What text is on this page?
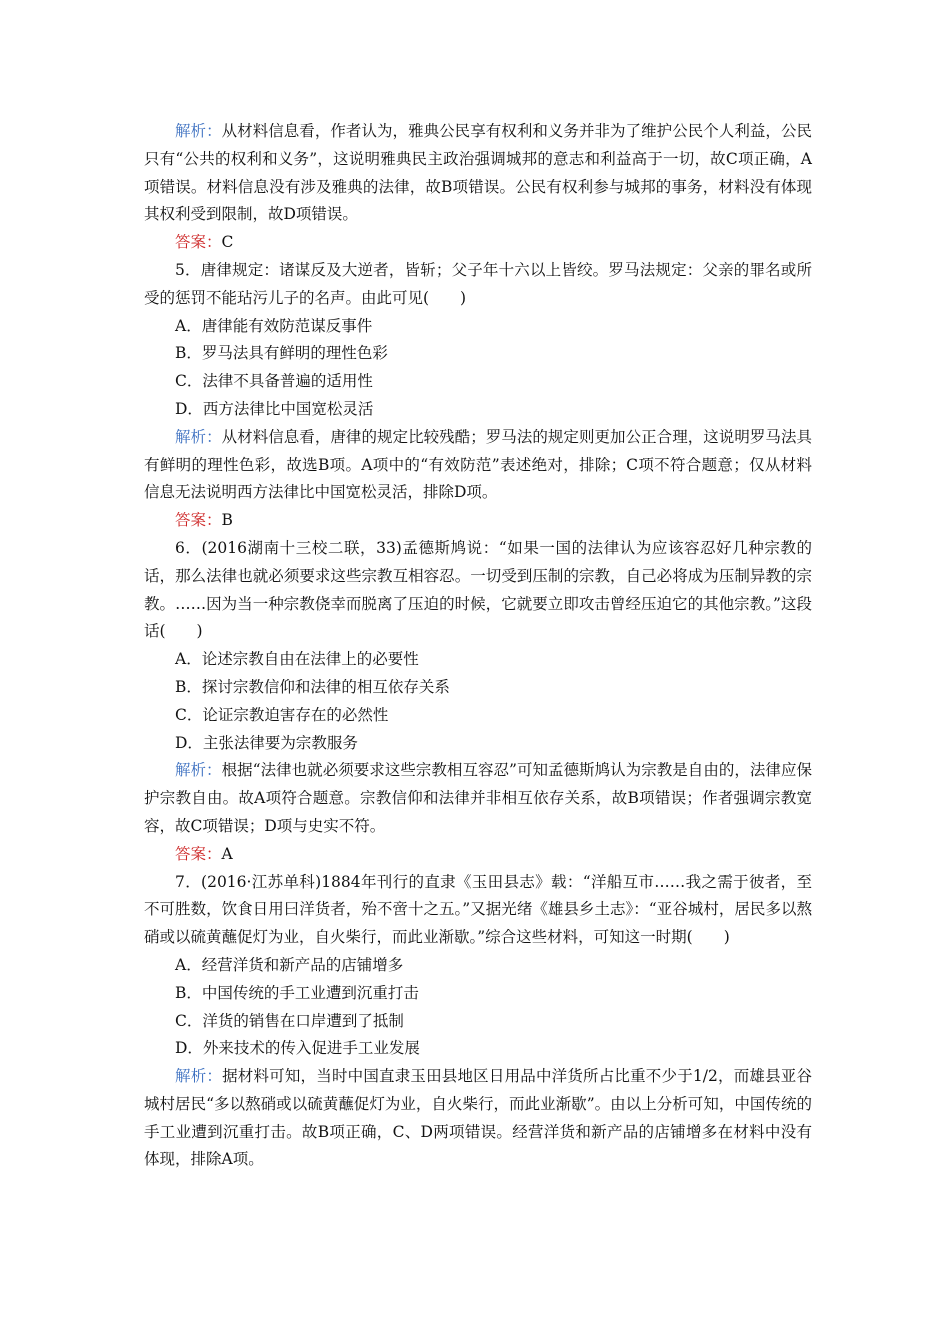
解析：从材料信息看，作者认为，雅典公民享有权利和义务并非为了维护公民个人利益，公民只有“公共的权利和义务”，这说明雅典民主政治强调城邦的意志和利益高于一切，故C项正确，A项错误。材料信息没有涉及雅典的法律，故B项错误。公民有权利参与城邦的事务，材料没有体现其权利受到限制，故D项错误。

答案：C

5．唐律规定：诸谋反及大逆者，皆斩；父子年十六以上皆绞。罗马法规定：父亲的罪名或所受的惩罚不能玷污儿子的名声。由此可见(　　)

A．唐律能有效防范谋反事件

B．罗马法具有鲜明的理性色彩

C．法律不具备普遍的适用性

D．西方法律比中国宽松灵活

解析：从材料信息看，唐律的规定比较残酷；罗马法的规定则更加公正合理，这说明罗马法具有鲜明的理性色彩，故选B项。A项中的“有效防范”表述绝对，排除；C项不符合题意；仅从材料信息无法说明西方法律比中国宽松灵活，排除D项。

答案：B

6．(2016湖南十三校二联，33)孟德斯鸠说：“如果一国的法律认为应该容忍好几种宗教的话，那么法律也就必须要求这些宗教互相容忍。一切受到压制的宗教，自己必将成为压制异教的宗教。……因为当一种宗教侥幸而脱离了压迫的时候，它就要立即攻击曾经压迫它的其他宗教。”这段话(　　)

A．论述宗教自由在法律上的必要性

B．探讨宗教信仰和法律的相互依存关系

C．论证宗教迫害存在的必然性

D．主张法律要为宗教服务

解析：根据“法律也就必须要求这些宗教相互容忍”可知孟德斯鸠认为宗教是自由的，法律应保护宗教自由。故A项符合题意。宗教信仰和法律并非相互依存关系，故B项错误；作者强调宗教宽容，故C项错误；D项与史实不符。

答案：A

7．(2016·江苏单科)1884年刊行的直隶《玉田县志》载：“洋船互市……我之需于彼者，至不可胜数，饮食日用曰洋货者，殆不啻十之五。”又据光绪《雄县乡土志》：“亚谷城村，居民多以熬硝或以硫黄蘸促灯为业，自火柴行，而此业渐歇。”综合这些材料，可知这一时期(　　)

A．经营洋货和新产品的店铺增多

B．中国传统的手工业遭到沉重打击

C．洋货的销售在口岸遭到了抵制

D．外来技术的传入促进手工业发展

解析：据材料可知，当时中国直隶玉田县地区日用品中洋货所占比重不少于1/2，而雄县亚谷城村居民“多以熬硝或以硫黄蘸促灯为业，自火柴行，而此业渐歇”。由以上分析可知，中国传统的手工业遭到沉重打击。故B项正确，C、D两项错误。经营洋货和新产品的店铺增多在材料中没有体现，排除A项。
